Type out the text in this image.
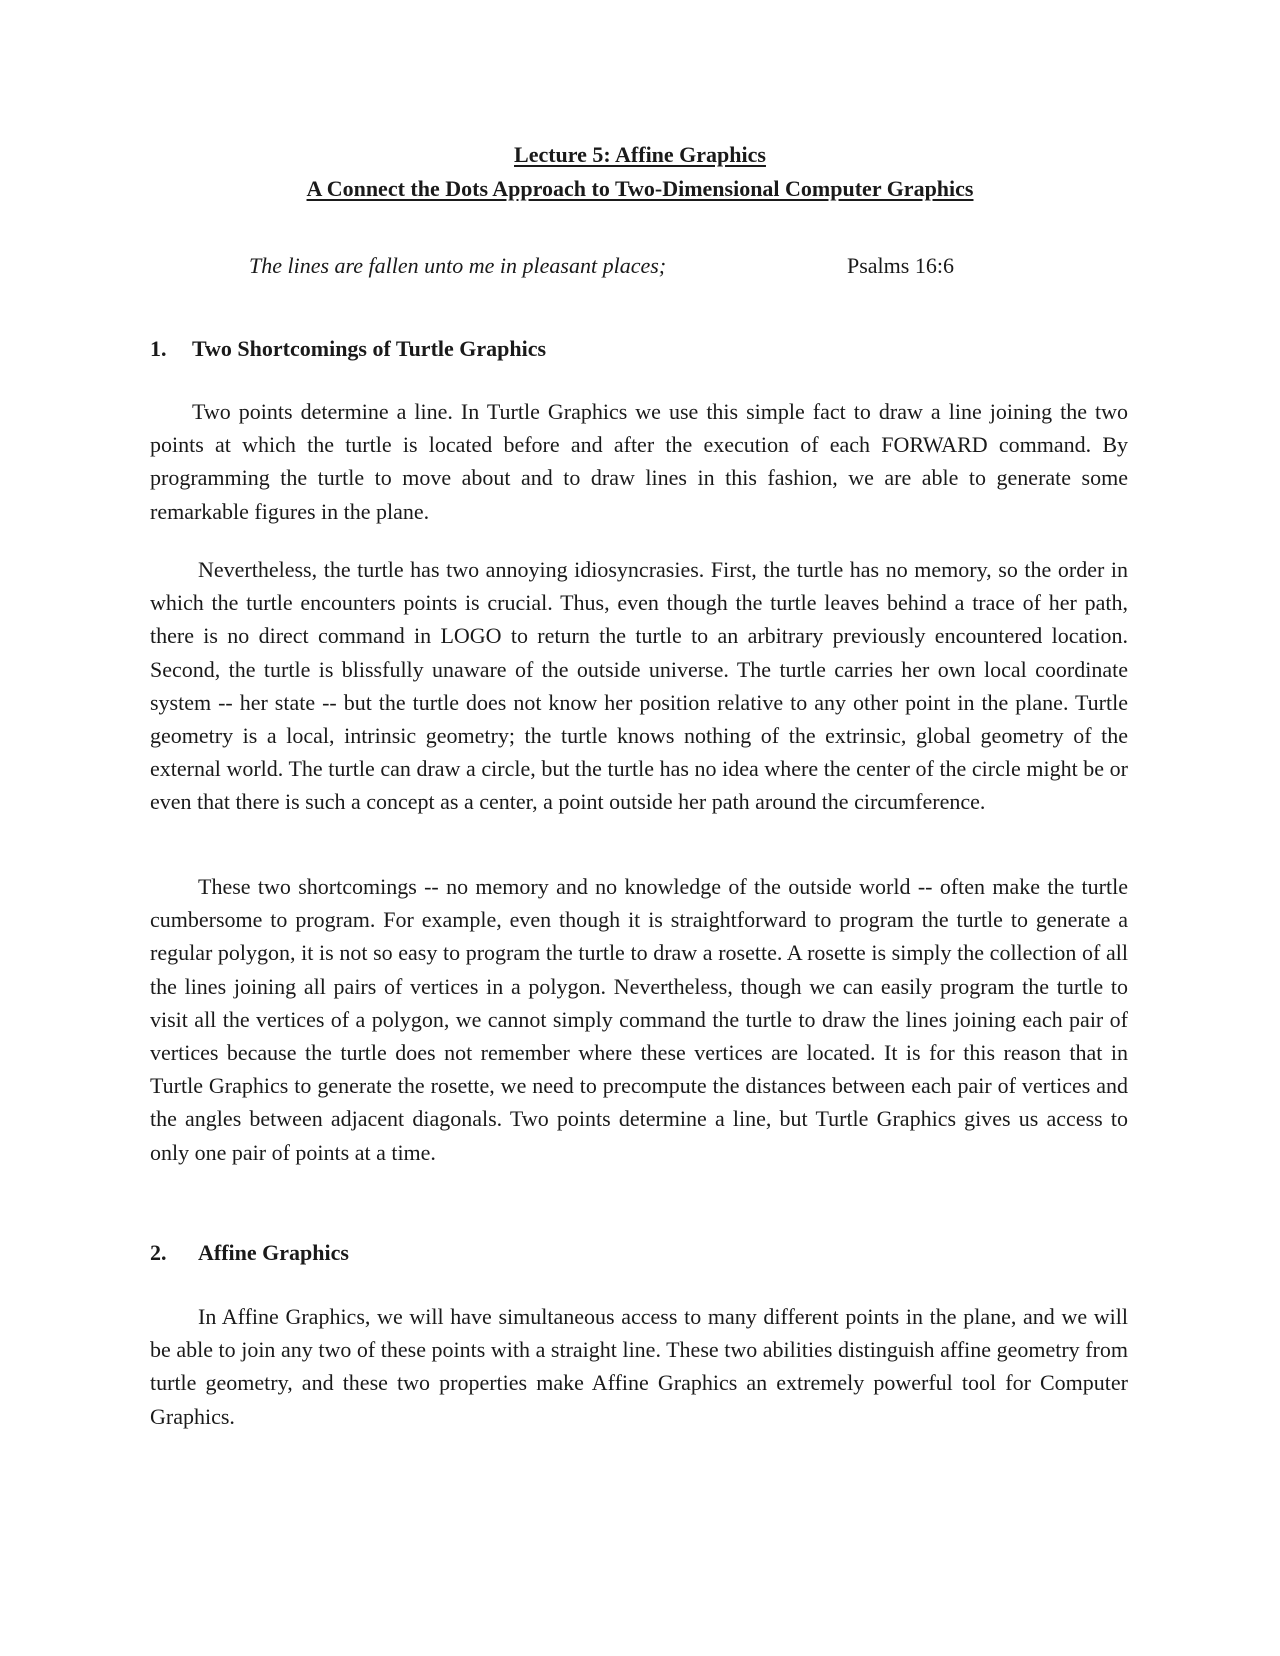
Lecture 5: Affine Graphics
A Connect the Dots Approach to Two-Dimensional Computer Graphics
The lines are fallen unto me in pleasant places;	Psalms 16:6
1. Two Shortcomings of Turtle Graphics

Two points determine a line. In Turtle Graphics we use this simple fact to draw a line joining the two points at which the turtle is located before and after the execution of each FORWARD command. By programming the turtle to move about and to draw lines in this fashion, we are able to generate some remarkable figures in the plane.

Nevertheless, the turtle has two annoying idiosyncrasies. First, the turtle has no memory, so the order in which the turtle encounters points is crucial. Thus, even though the turtle leaves behind a trace of her path, there is no direct command in LOGO to return the turtle to an arbitrary previously encountered location. Second, the turtle is blissfully unaware of the outside universe. The turtle carries her own local coordinate system -- her state -- but the turtle does not know her position relative to any other point in the plane. Turtle geometry is a local, intrinsic geometry; the turtle knows nothing of the extrinsic, global geometry of the external world. The turtle can draw a circle, but the turtle has no idea where the center of the circle might be or even that there is such a concept as a center, a point outside her path around the circumference.

These two shortcomings -- no memory and no knowledge of the outside world -- often make the turtle cumbersome to program. For example, even though it is straightforward to program the turtle to generate a regular polygon, it is not so easy to program the turtle to draw a rosette. A rosette is simply the collection of all the lines joining all pairs of vertices in a polygon. Nevertheless, though we can easily program the turtle to visit all the vertices of a polygon, we cannot simply command the turtle to draw the lines joining each pair of vertices because the turtle does not remember where these vertices are located. It is for this reason that in Turtle Graphics to generate the rosette, we need to precompute the distances between each pair of vertices and the angles between adjacent diagonals. Two points determine a line, but Turtle Graphics gives us access to only one pair of points at a time.

2. Affine Graphics

In Affine Graphics, we will have simultaneous access to many different points in the plane, and we will be able to join any two of these points with a straight line. These two abilities distinguish affine geometry from turtle geometry, and these two properties make Affine Graphics an extremely powerful tool for Computer Graphics.
